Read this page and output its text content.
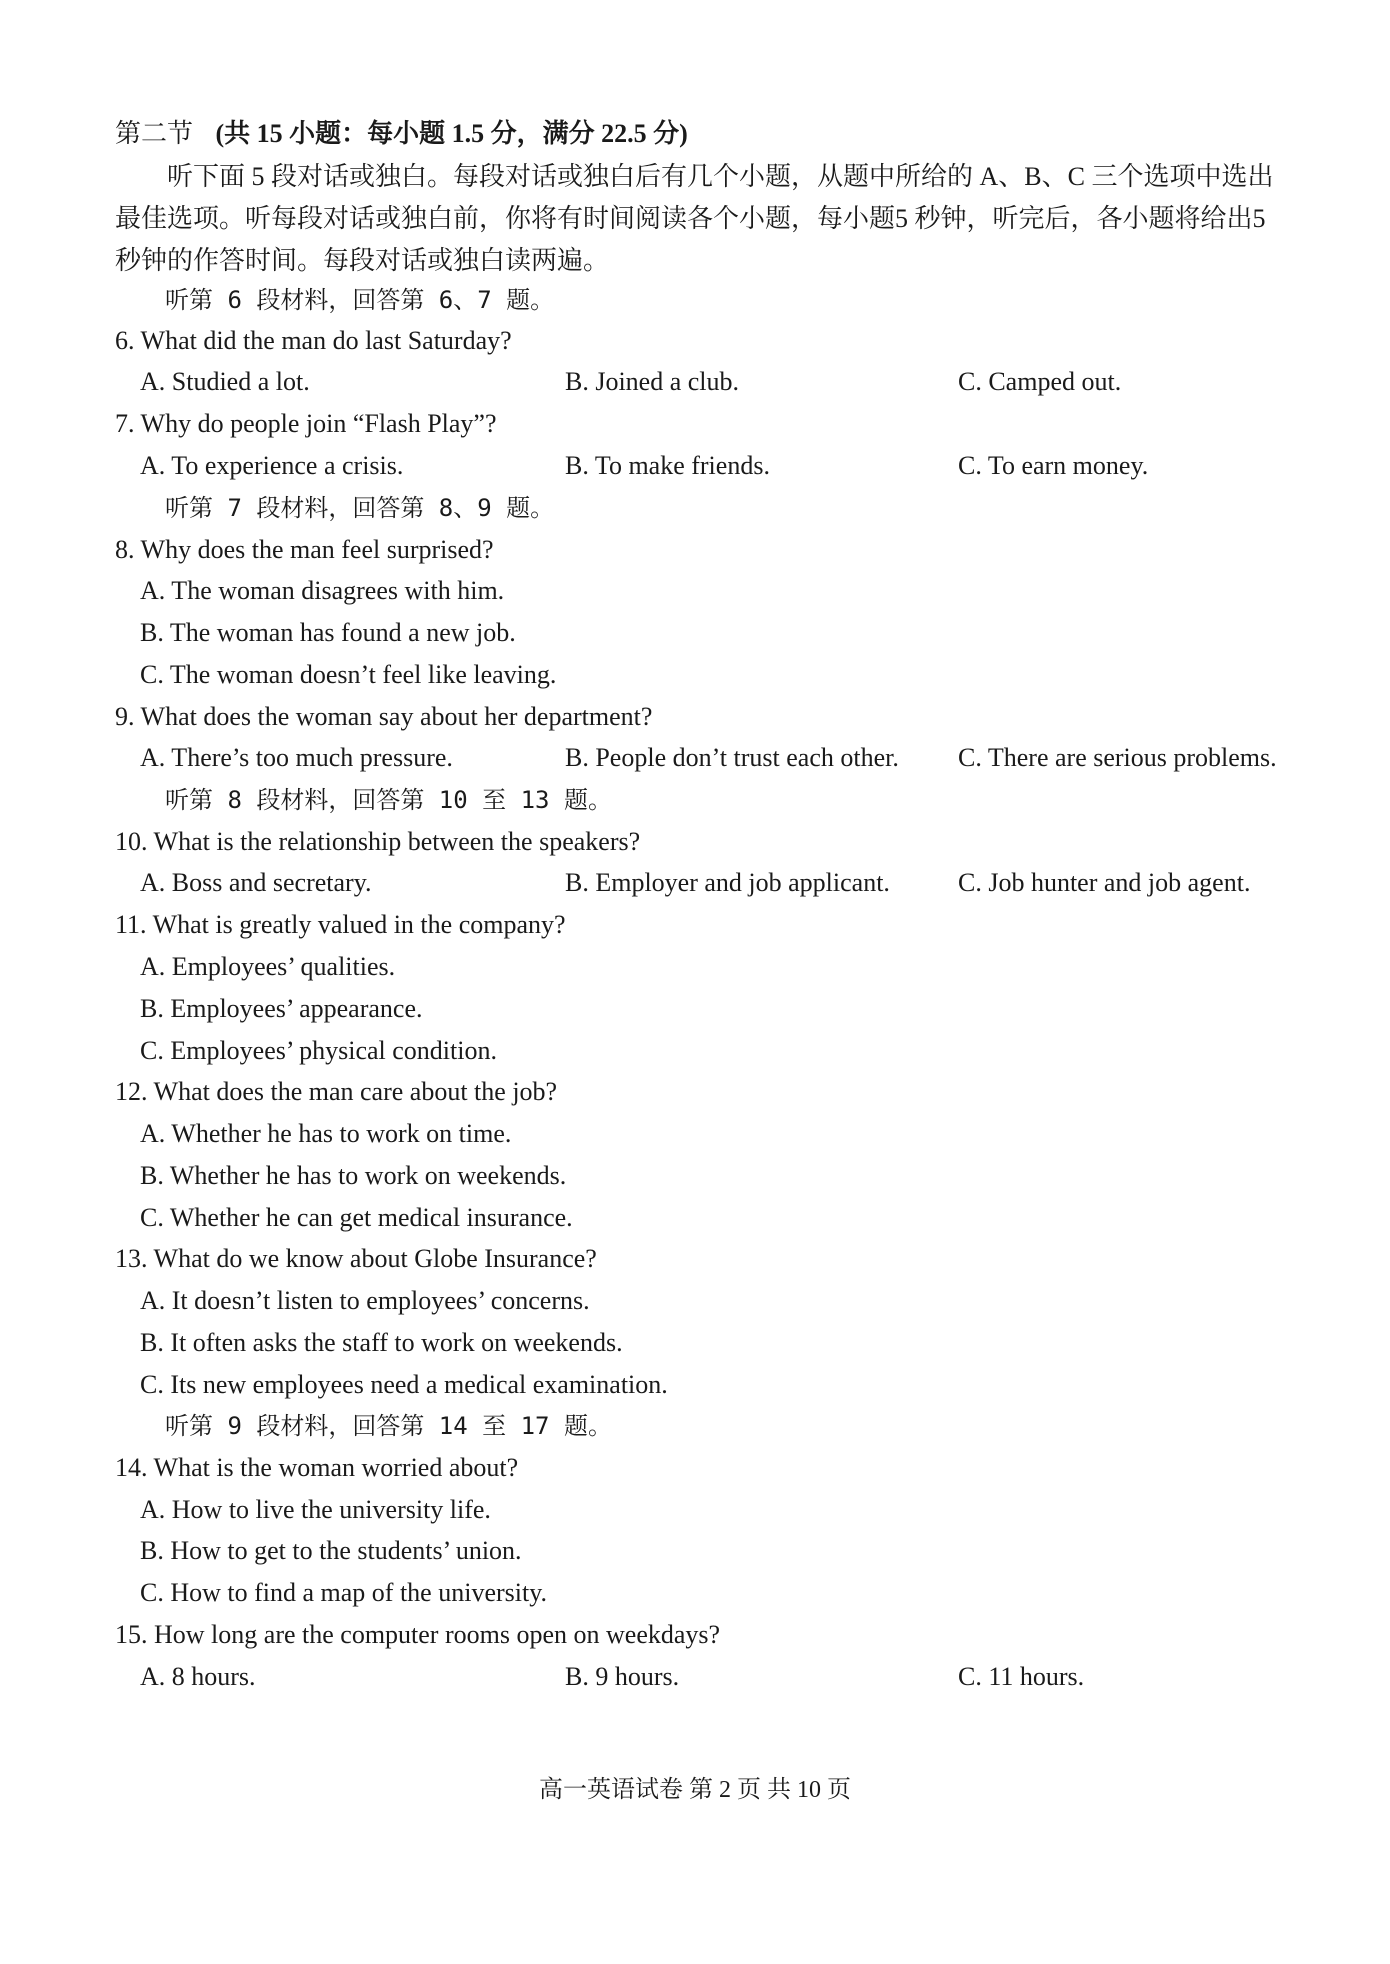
第二节 (共 15 小题：每小题 1.5 分，满分 22.5 分)
听下面 5 段对话或独白。每段对话或独白后有几个小题，从题中所给的 A、B、C 三个选项中选出最佳选项。听每段对话或独白前，你将有时间阅读各个小题，每小题5 秒钟，听完后，各小题将给出5 秒钟的作答时间。每段对话或独白读两遍。
听第 6 段材料，回答第 6、7 题。
6. What did the man do last Saturday?
A. Studied a lot.	B. Joined a club.	C. Camped out.
7. Why do people join “Flash Play”?
A. To experience a crisis.	B. To make friends.	C. To earn money.
听第 7 段材料，回答第 8、9 题。
8. Why does the man feel surprised?
A. The woman disagrees with him.
B. The woman has found a new job.
C. The woman doesn’t feel like leaving.
9. What does the woman say about her department?
A. There’s too much pressure.	B. People don’t trust each other. C. There are serious problems.
听第 8 段材料，回答第 10 至 13 题。
10. What is the relationship between the speakers?
A. Boss and secretary.	B. Employer and job applicant.	C. Job hunter and job agent.
11. What is greatly valued in the company?
A. Employees’ qualities.
B. Employees’ appearance.
C. Employees’ physical condition.
12. What does the man care about the job?
A. Whether he has to work on time.
B. Whether he has to work on weekends.
C. Whether he can get medical insurance.
13. What do we know about Globe Insurance?
A. It doesn’t listen to employees’ concerns.
B. It often asks the staff to work on weekends.
C. Its new employees need a medical examination.
听第 9 段材料，回答第 14 至 17 题。
14. What is the woman worried about?
A. How to live the university life.
B. How to get to the students’ union.
C. How to find a map of the university.
15. How long are the computer rooms open on weekdays?
A. 8 hours.	B. 9 hours.	C. 11 hours.
高一英语试卷 第 2 页 共 10 页
